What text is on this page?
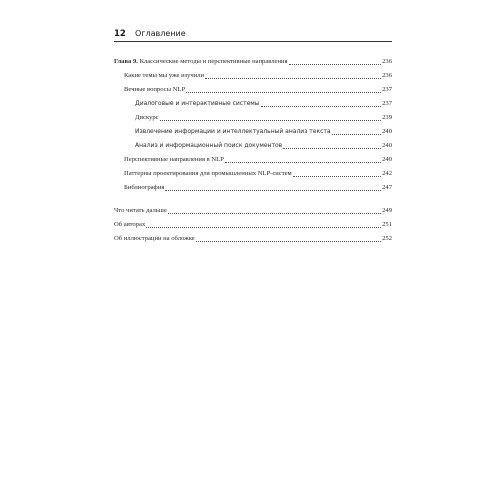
12 Оглавление
Глава 9. Классические методы и перспективные направления	236
Какие темы мы уже изучили	236
Вечные вопросы NLP	237
Диалоговые и интерактивные системы	237
Дискурс	239
Извлечение информации и интеллектуальный анализ текста	240
Анализ и информационный поиск документов	240
Перспективные направления в NLP	240
Паттерны проектирования для промышленных NLP-систем	242
Библиография	247
Что читать дальше	249
Об авторах	251
Об иллюстрации на обложке	252
